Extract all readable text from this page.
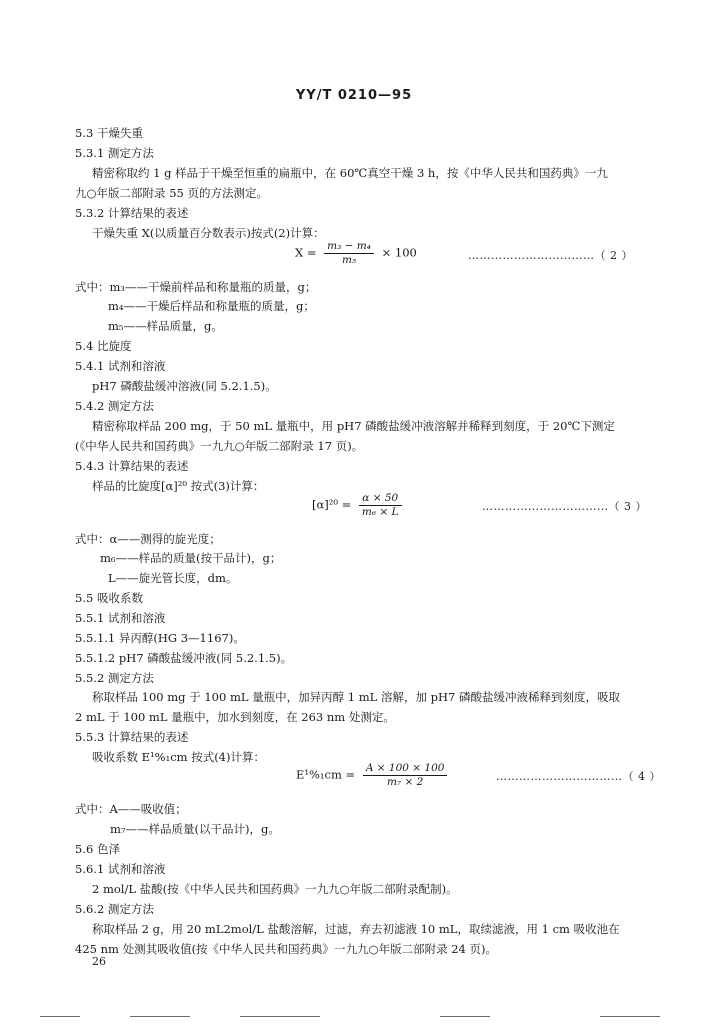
YY/T 0210—95
5.3 干燥失重
5.3.1 测定方法
精密称取约 1 g 样品于干燥至恒重的扁瓶中，在 60℃真空干燥 3 h，按《中华人民共和国药典》一九
九○年版二部附录 55 页的方法测定。
5.3.2 计算结果的表述
干燥失重 X(以质量百分数表示)按式(2)计算：
$X = \frac{\text{m₃ − m₄}}{\text{m₅}} \times 100$	……………………………（ 2 ）
式中：m₃——干燥前样品和称量瓶的质量，g；
m₄——干燥后样品和称量瓶的质量，g；
m₅——样品质量，g。
5.4 比旋度
5.4.1 试剂和溶液
pH7 磷酸盐缓冲溶液(同 5.2.1.5)。
5.4.2 测定方法
精密称取样品 200 mg，于 50 mL 量瓶中，用 pH7 磷酸盐缓冲液溶解并稀释到刻度，于 20℃下测定
(《中华人民共和国药典》一九九○年版二部附录 17 页)。
5.4.3 计算结果的表述
样品的比旋度[α]²⁰ 按式(3)计算：
$[\alpha]^{20} = \frac{\alpha \times 50}{\text{m₆ × L}}$	……………………………（ 3 ）
式中：α——测得的旋光度；
m₆——样品的质量(按干品计)，g；
L——旋光管长度，dm。
5.5 吸收系数
5.5.1 试剂和溶液
5.5.1.1 异丙醇(HG 3—1167)。
5.5.1.2 pH7 磷酸盐缓冲液(同 5.2.1.5)。
5.5.2 测定方法
称取样品 100 mg 于 100 mL 量瓶中，加异丙醇 1 mL 溶解，加 pH7 磷酸盐缓冲液稀释到刻度，吸取
2 mL 于 100 mL 量瓶中，加水到刻度，在 263 nm 处测定。
5.5.3 计算结果的表述
吸收系数 E¹%₁cm 按式(4)计算：
$E^1\%_1cm = \frac{A \times 100 \times 100}{\text{m₇ × 2}}$	……………………………（ 4 ）
式中：A——吸收值；
m₇——样品质量(以干品计)，g。
5.6 色泽
5.6.1 试剂和溶液
2 mol/L 盐酸(按《中华人民共和国药典》一九九○年版二部附录配制)。
5.6.2 测定方法
称取样品 2 g，用 20 mL2mol/L 盐酸溶解，过滤，弃去初滤液 10 mL，取续滤液，用 1 cm 吸收池在
425 nm 处测其吸收值(按《中华人民共和国药典》一九九○年版二部附录 24 页)。
26
